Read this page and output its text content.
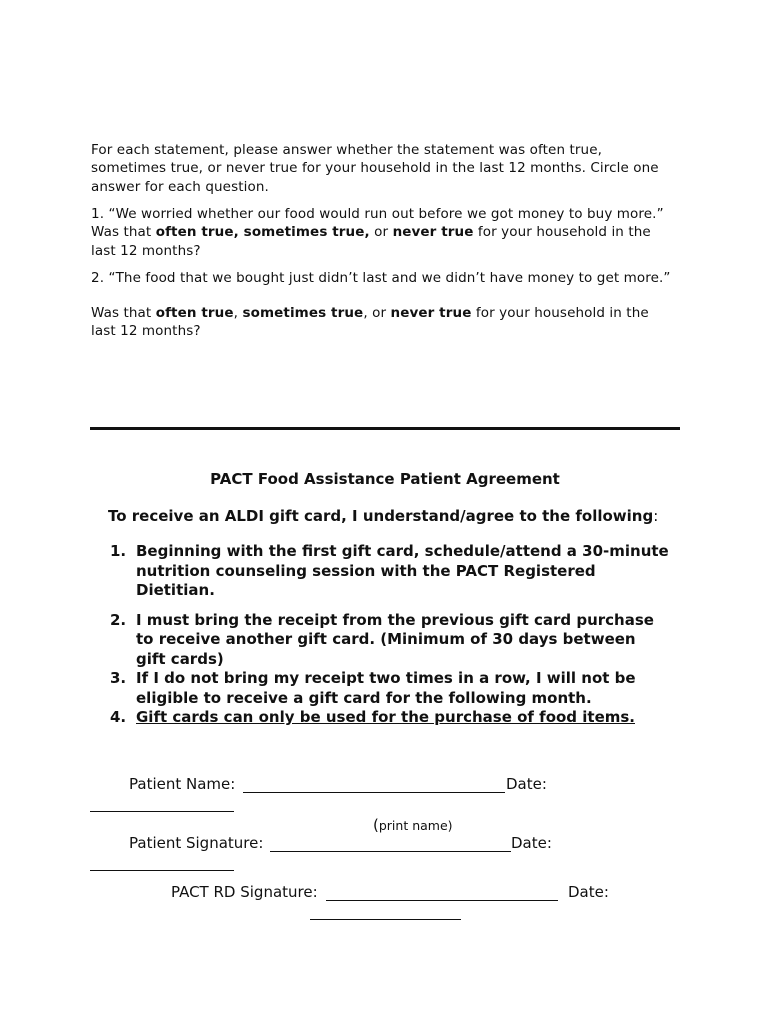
For each statement, please answer whether the statement was often true,

sometimes true, or never true for your household in the last 12 months. Circle one

answer for each question.

1. “We worried whether our food would run out before we got money to buy more.”

Was that often true, sometimes true, or never true for your household in the

last 12 months?

2. “The food that we bought just didn’t last and we didn’t have money to get more.”

Was that often true, sometimes true, or never true for your household in the

last 12 months?

PACT Food Assistance Patient Agreement
To receive an ALDI gift card, I understand/agree to the following:
1. Beginning with the first gift card, schedule/attend a 30-minute
nutrition counseling session with the PACT Registered
Dietitian.
2. I must bring the receipt from the previous gift card purchase
to receive another gift card. (Minimum of 30 days between
gift cards)
3. If I do not bring my receipt two times in a row, I will not be
eligible to receive a gift card for the following month.
4. Gift cards can only be used for the purchase of food items.
Patient Name:	Date:
(print name)
Patient Signature:	Date:
PACT RD Signature:	Date:
